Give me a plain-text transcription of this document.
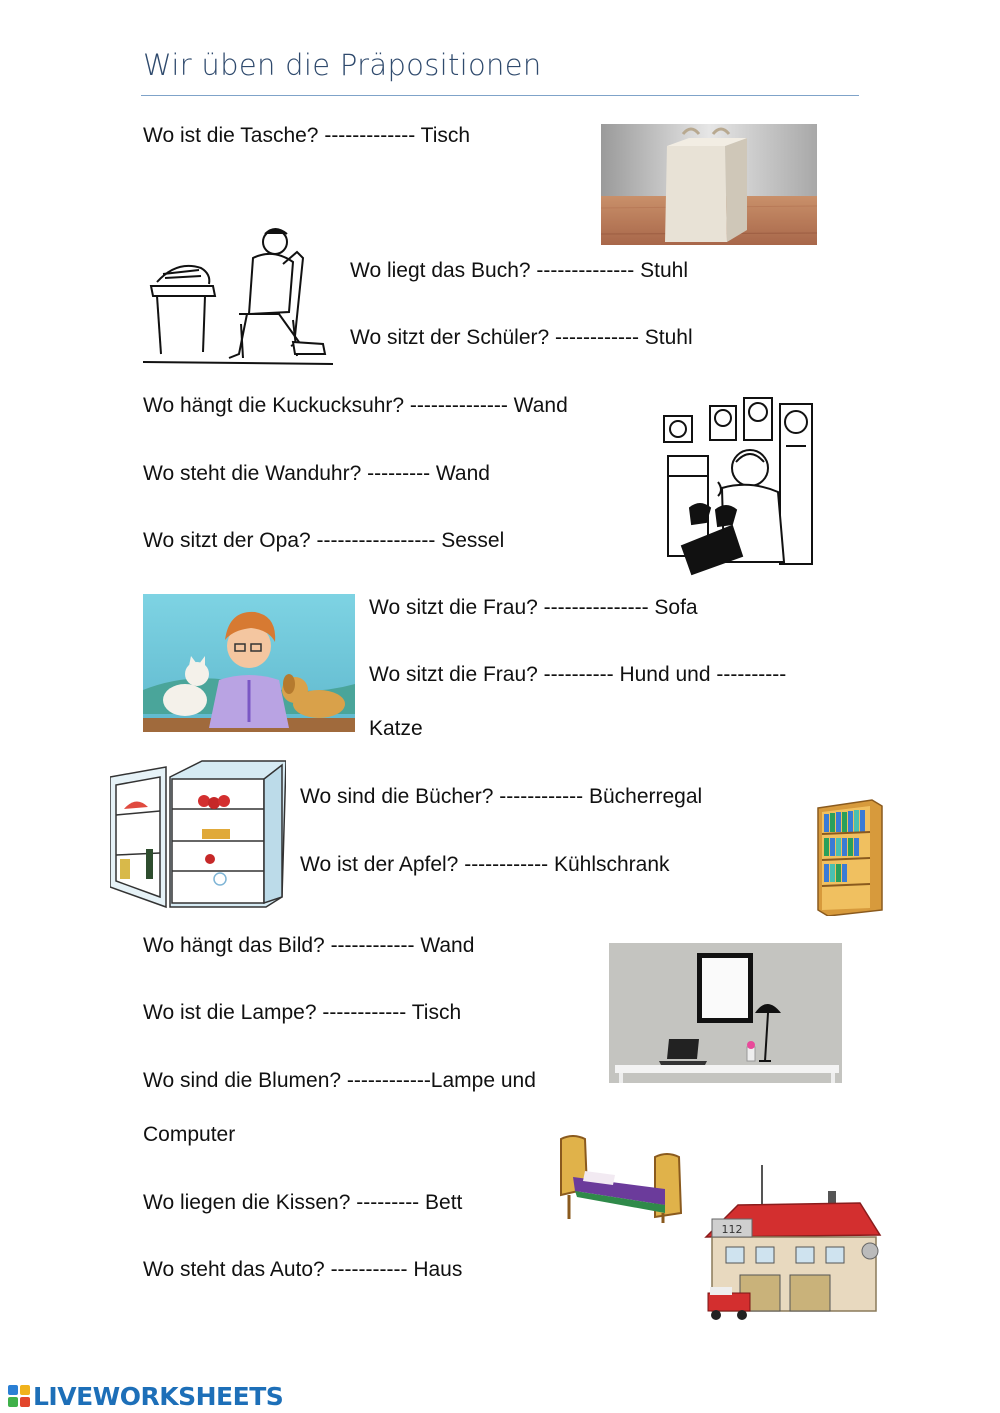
Wir üben die Präpositionen
Wo ist die Tasche? ------------- Tisch
Wo liegt das Buch? -------------- Stuhl
Wo sitzt der Schüler? ------------ Stuhl
Wo hängt die Kuckucksuhr? -------------- Wand
Wo steht die Wanduhr? --------- Wand
Wo sitzt der Opa? ----------------- Sessel
Wo sitzt die Frau? --------------- Sofa
Wo sitzt die Frau? ---------- Hund und ----------
Katze
Wo sind die Bücher? ------------ Bücherregal
Wo ist der Apfel? ------------ Kühlschrank
Wo hängt das Bild? ------------ Wand
Wo ist die Lampe? ------------ Tisch
Wo sind die Blumen? ------------Lampe und
Computer
Wo liegen die Kissen? --------- Bett
Wo steht das Auto? ----------- Haus
112
LIVEWORKSHEETS
